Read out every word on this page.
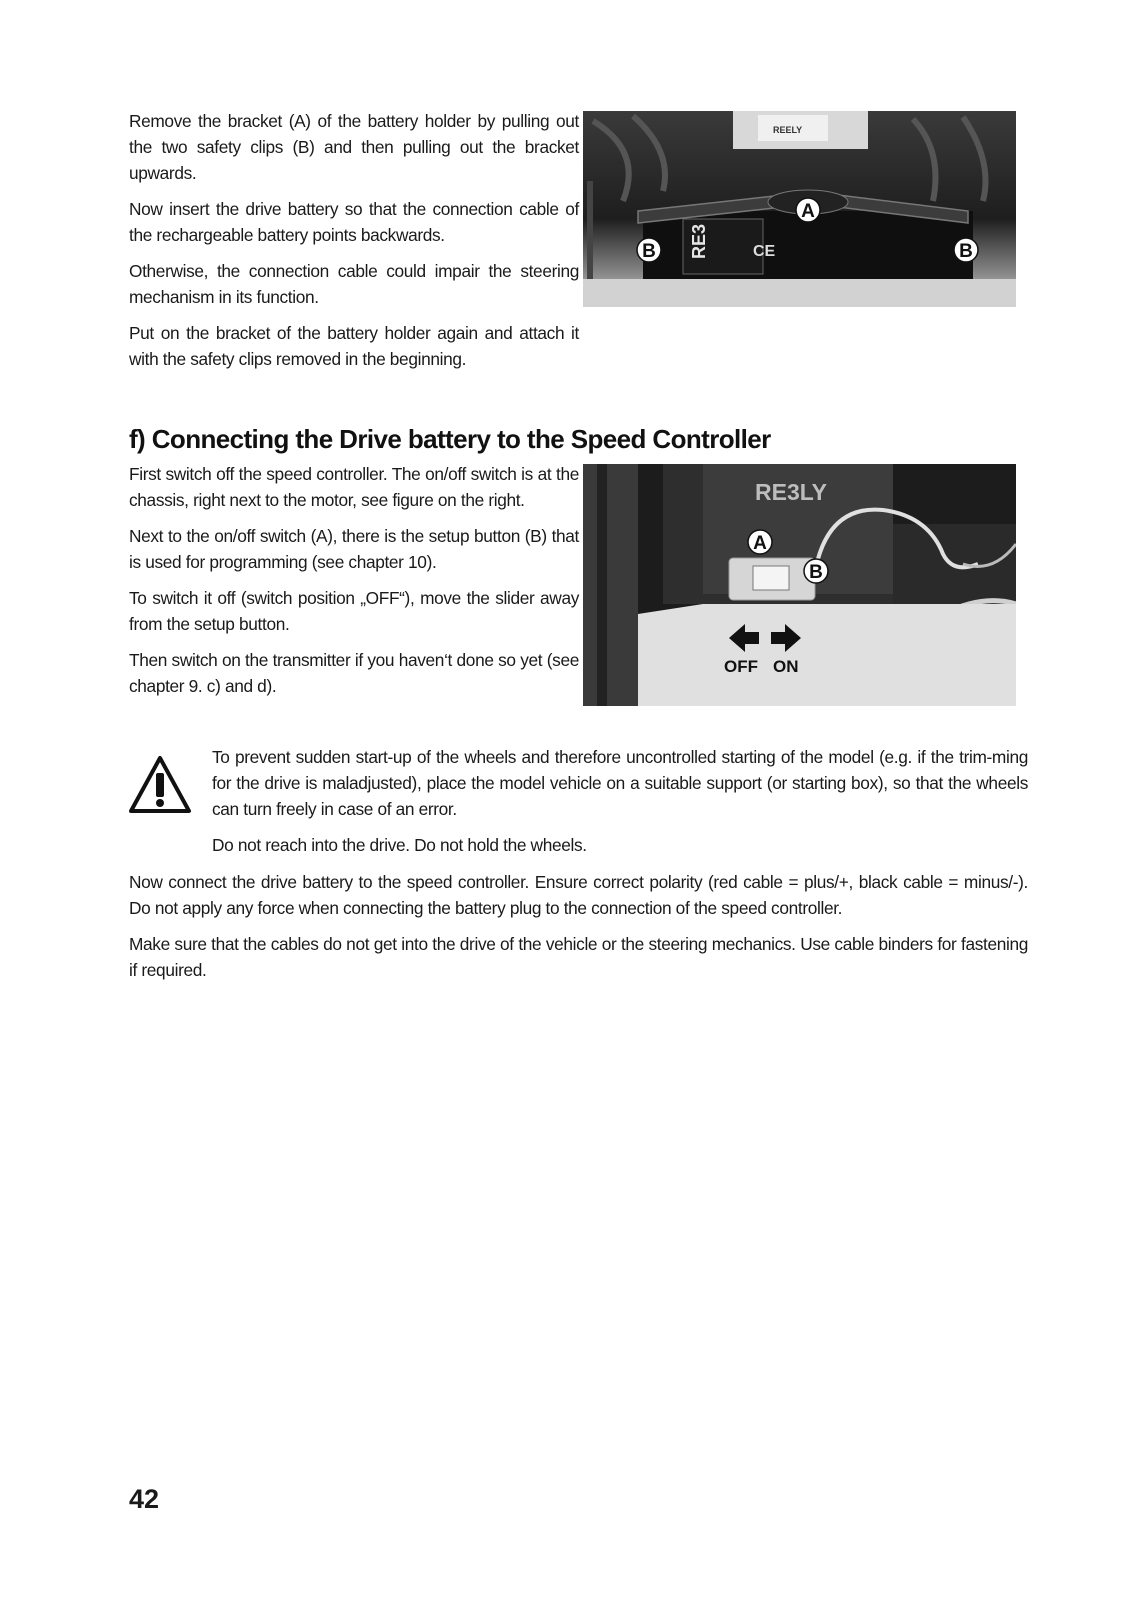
Remove the bracket (A) of the battery holder by pulling out the two safety clips (B) and then pulling out the bracket upwards.

Now insert the drive battery so that the connection cable of the rechargeable battery points backwards.

Otherwise, the connection cable could impair the steering mechanism in its function.

Put on the bracket of the battery holder again and attach it with the safety clips removed in the beginning.

REELY
RE3	CE
A
B	B
f) Connecting the Drive battery to the Speed Controller

First switch off the speed controller. The on/off switch is at the chassis, right next to the motor, see figure on the right.

Next to the on/off switch (A), there is the setup button (B) that is used for programming (see chapter 10).

To switch it off (switch position „OFF“), move the slider away from the setup button.

Then switch on the transmitter if you haven‘t done so yet (see chapter 9. c) and d).

RE3LY
A
B
OFF ON

To prevent sudden start-up of the wheels and therefore uncontrolled starting of the model (e.g. if the trim-ming for the drive is maladjusted), place the model vehicle on a suitable support (or starting box), so that the wheels can turn freely in case of an error.

Do not reach into the drive. Do not hold the wheels.

Now connect the drive battery to the speed controller. Ensure correct polarity (red cable = plus/+, black cable = minus/-). Do not apply any force when connecting the battery plug to the connection of the speed controller.

Make sure that the cables do not get into the drive of the vehicle or the steering mechanics. Use cable binders for fastening if required.

42
